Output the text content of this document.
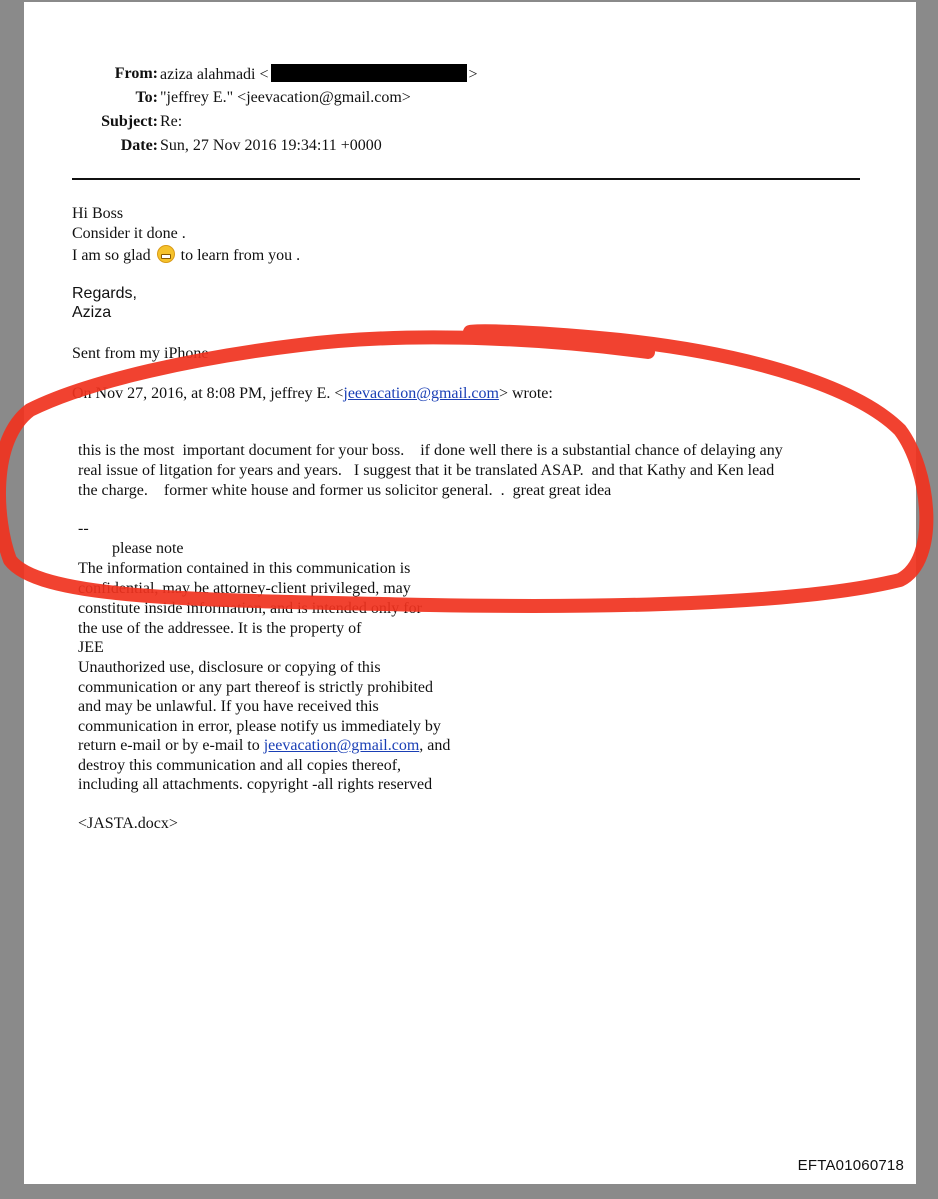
From: aziza alahmadi <	>
To: "jeffrey E." <jeevacation@gmail.com>
Subject: Re:
Date: Sun, 27 Nov 2016 19:34:11 +0000
Hi Boss
Consider it done .
I am so glad to learn from you .
Regards,
Aziza
Sent from my iPhone
On Nov 27, 2016, at 8:08 PM, jeffrey E. <jeevacation@gmail.com> wrote:
this is the most  important document for your boss.    if done well there is a substantial chance of delaying any
real issue of litgation for years and years.   I suggest that it be translated ASAP.  and that Kathy and Ken lead
the charge.    former white house and former us solicitor general.  .  great great idea
--
please note
The information contained in this communication is
confidential, may be attorney-client privileged, may
constitute inside information, and is intended only for
the use of the addressee. It is the property of
JEE
Unauthorized use, disclosure or copying of this
communication or any part thereof is strictly prohibited
and may be unlawful. If you have received this
communication in error, please notify us immediately by
return e-mail or by e-mail to jeevacation@gmail.com, and
destroy this communication and all copies thereof,
including all attachments. copyright -all rights reserved
<JASTA.docx>
EFTA01060718
